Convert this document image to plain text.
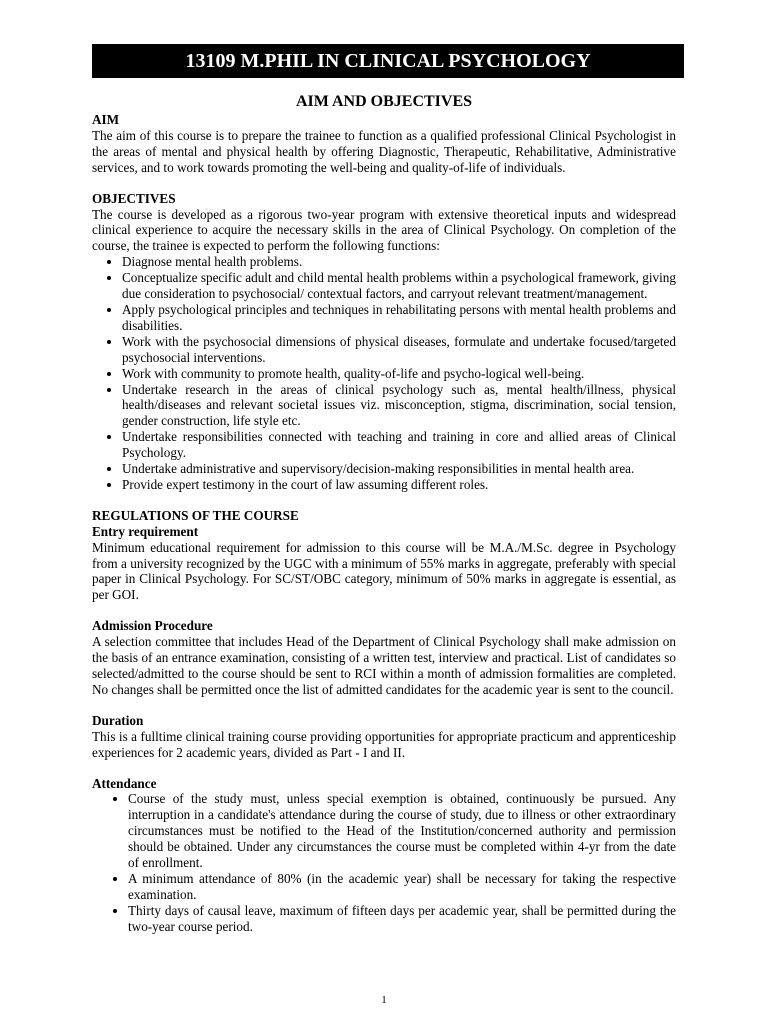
13109 M.PHIL IN CLINICAL PSYCHOLOGY
AIM AND OBJECTIVES
AIM
The aim of this course is to prepare the trainee to function as a qualified professional Clinical Psychologist in the areas of mental and physical health by offering Diagnostic, Therapeutic, Rehabilitative, Administrative services, and to work towards promoting the well-being and quality-of-life of individuals.
OBJECTIVES
The course is developed as a rigorous two-year program with extensive theoretical inputs and widespread clinical experience to acquire the necessary skills in the area of Clinical Psychology. On completion of the course, the trainee is expected to perform the following functions:
• Diagnose mental health problems.
• Conceptualize specific adult and child mental health problems within a psychological framework, giving due consideration to psychosocial/ contextual factors, and carryout relevant treatment/management.
• Apply psychological principles and techniques in rehabilitating persons with mental health problems and disabilities.
• Work with the psychosocial dimensions of physical diseases, formulate and undertake focused/targeted psychosocial interventions.
• Work with community to promote health, quality-of-life and psycho-logical well-being.
• Undertake research in the areas of clinical psychology such as, mental health/illness, physical health/diseases and relevant societal issues viz. misconception, stigma, discrimination, social tension, gender construction, life style etc.
• Undertake responsibilities connected with teaching and training in core and allied areas of Clinical Psychology.
• Undertake administrative and supervisory/decision-making responsibilities in mental health area.
• Provide expert testimony in the court of law assuming different roles.
REGULATIONS OF THE COURSE
Entry requirement
Minimum educational requirement for admission to this course will be M.A./M.Sc. degree in Psychology from a university recognized by the UGC with a minimum of 55% marks in aggregate, preferably with special paper in Clinical Psychology. For SC/ST/OBC category, minimum of 50% marks in aggregate is essential, as per GOI.
Admission Procedure
A selection committee that includes Head of the Department of Clinical Psychology shall make admission on the basis of an entrance examination, consisting of a written test, interview and practical. List of candidates so selected/admitted to the course should be sent to RCI within a month of admission formalities are completed. No changes shall be permitted once the list of admitted candidates for the academic year is sent to the council.
Duration
This is a fulltime clinical training course providing opportunities for appropriate practicum and apprenticeship experiences for 2 academic years, divided as Part - I and II.
Attendance
• Course of the study must, unless special exemption is obtained, continuously be pursued. Any interruption in a candidate's attendance during the course of study, due to illness or other extraordinary circumstances must be notified to the Head of the Institution/concerned authority and permission should be obtained. Under any circumstances the course must be completed within 4-yr from the date of enrollment.
• A minimum attendance of 80% (in the academic year) shall be necessary for taking the respective examination.
• Thirty days of causal leave, maximum of fifteen days per academic year, shall be permitted during the two-year course period.
1
